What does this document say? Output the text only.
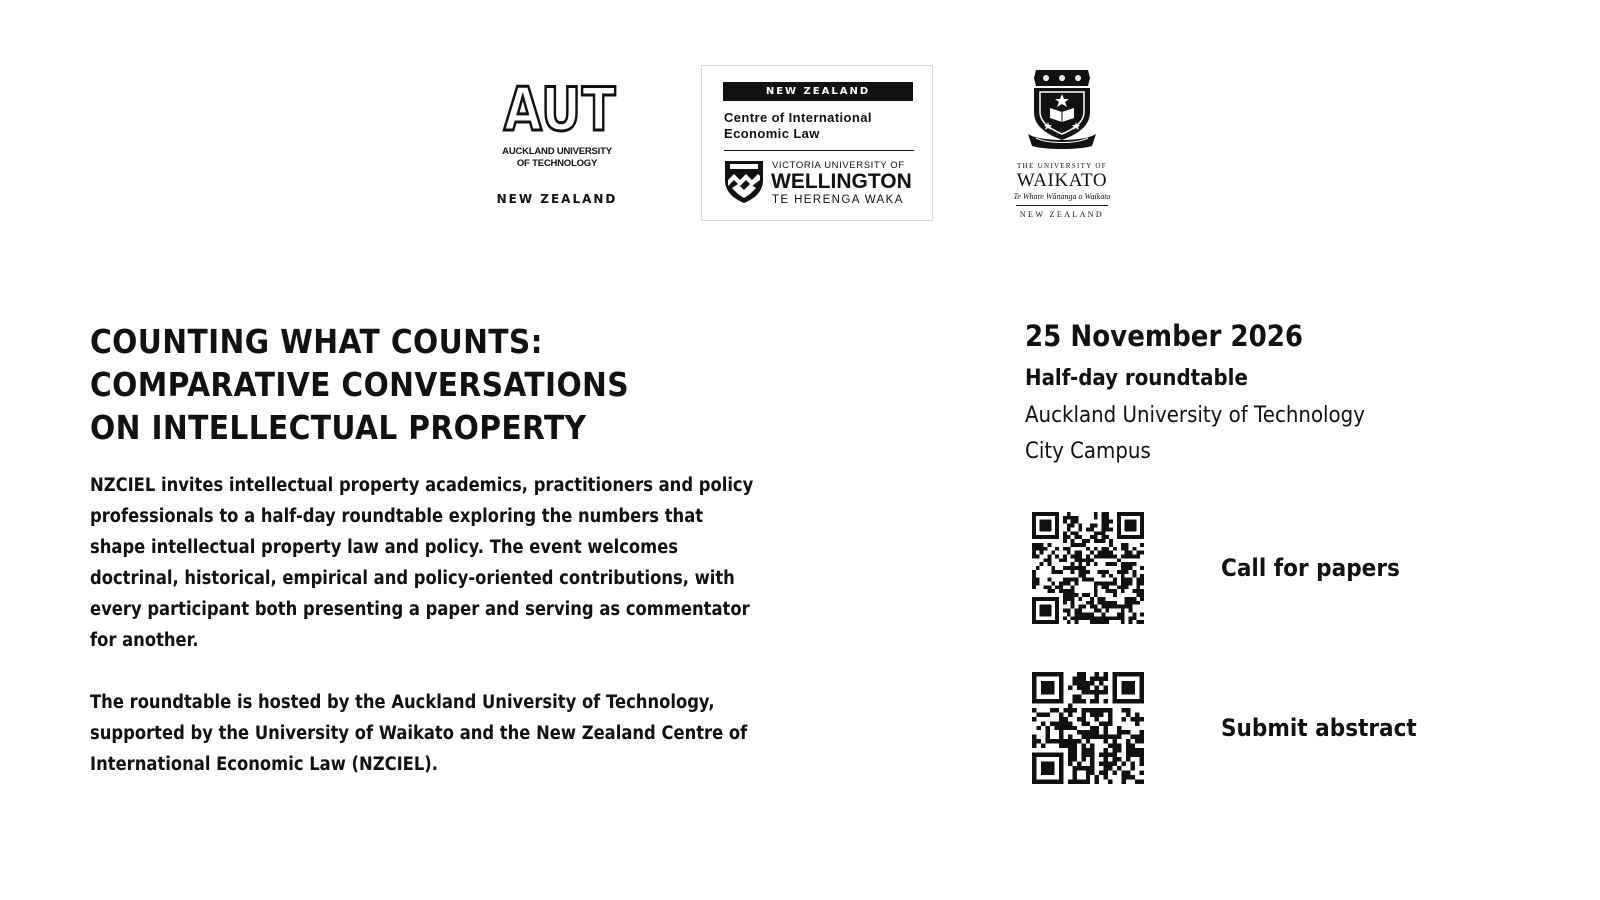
AUT
AUCKLAND UNIVERSITY
OF TECHNOLOGY
NEW ZEALAND
NEW ZEALAND
Centre of International
Economic Law
VICTORIA UNIVERSITY OF
WELLINGTON
TE HERENGA WAKA
THE UNIVERSITY OF
WAIKATO
Te Whare Wānanga o Waikato
NEW ZEALAND
COUNTING WHAT COUNTS:
COMPARATIVE CONVERSATIONS
ON INTELLECTUAL PROPERTY

NZCIEL invites intellectual property academics, practitioners and policy professionals to a half-day roundtable exploring the numbers that shape intellectual property law and policy. The event welcomes doctrinal, historical, empirical and policy-oriented contributions, with every participant both presenting a paper and serving as commentator for another.

The roundtable is hosted by the Auckland University of Technology, supported by the University of Waikato and the New Zealand Centre of International Economic Law (NZCIEL).

25 November 2026
Half-day roundtable
Auckland University of Technology
City Campus
Call for papers
Submit abstract
